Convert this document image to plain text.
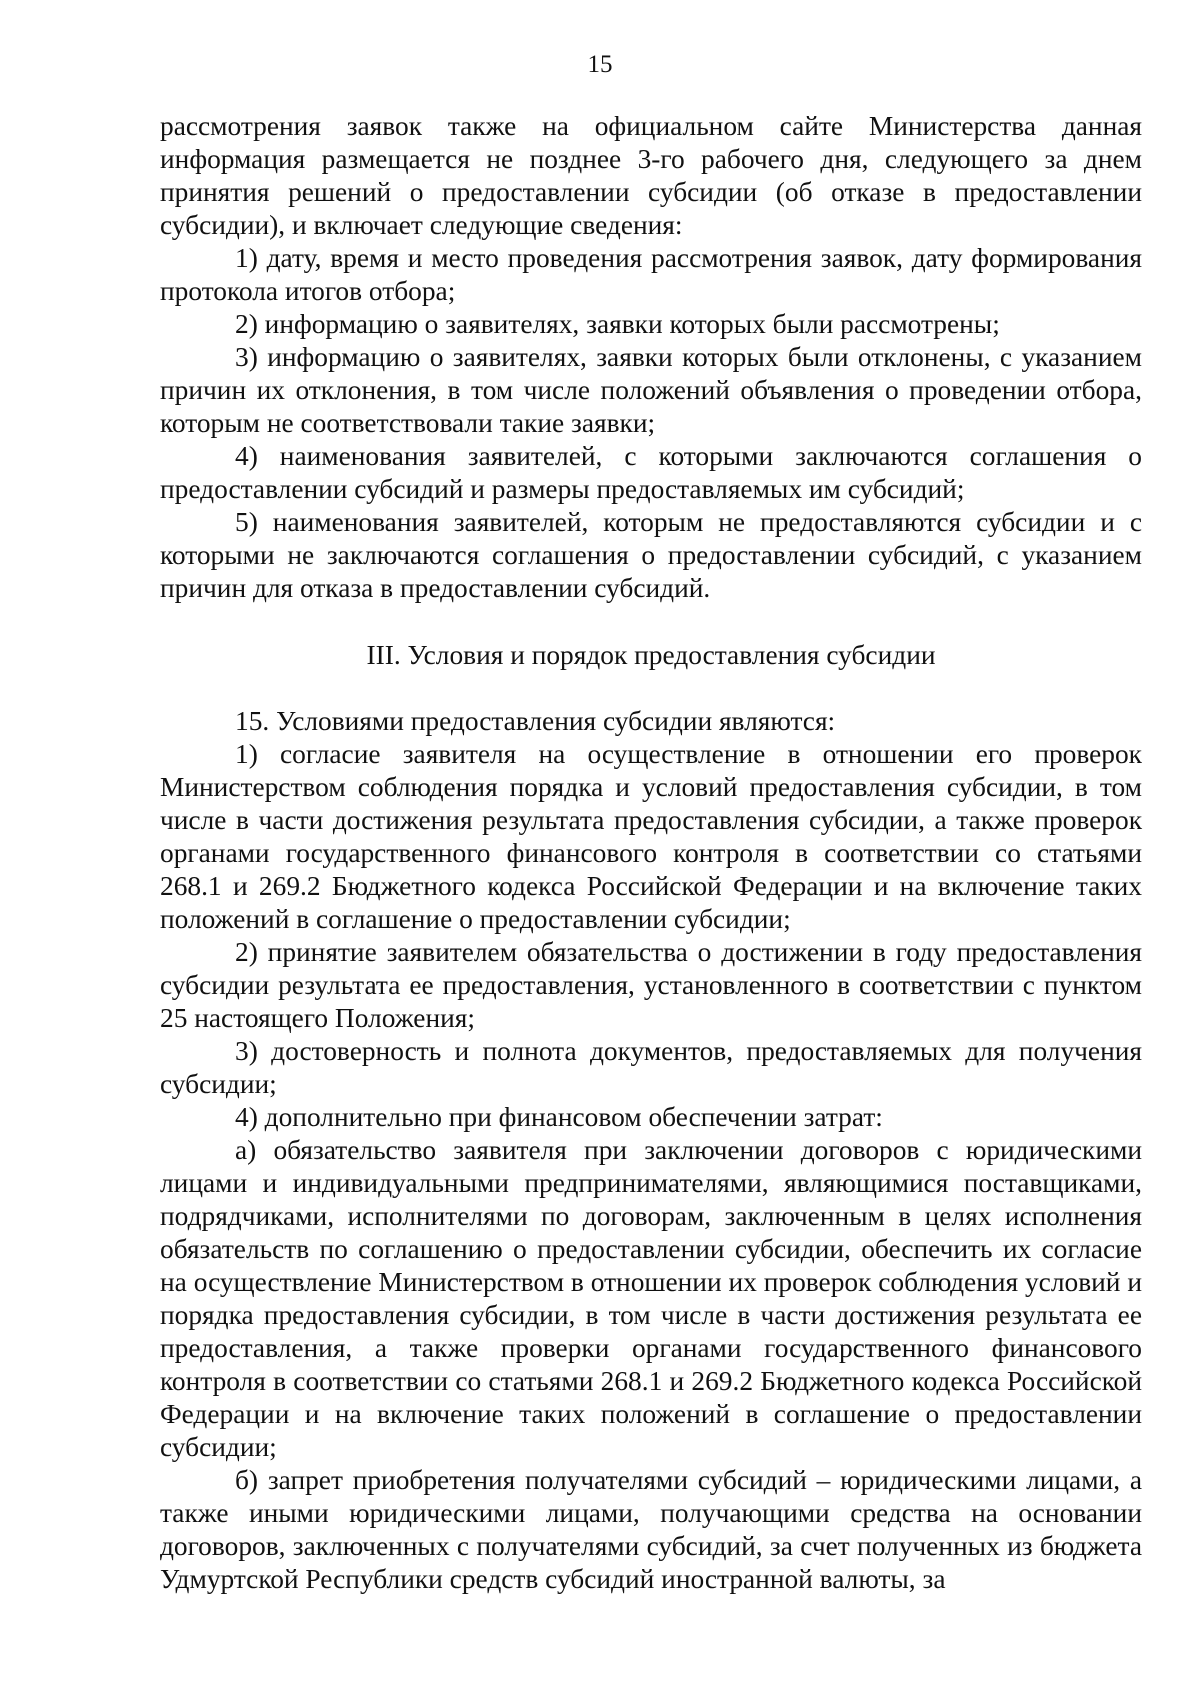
15

рассмотрения заявок также на официальном сайте Министерства данная информация размещается не позднее 3-го рабочего дня, следующего за днем принятия решений о предоставлении субсидии (об отказе в предоставлении субсидии), и включает следующие сведения:

1) дату, время и место проведения рассмотрения заявок, дату формирования протокола итогов отбора;

2) информацию о заявителях, заявки которых были рассмотрены;

3) информацию о заявителях, заявки которых были отклонены, с указанием причин их отклонения, в том числе положений объявления о проведении отбора, которым не соответствовали такие заявки;

4) наименования заявителей, с которыми заключаются соглашения о предоставлении субсидий и размеры предоставляемых им субсидий;

5) наименования заявителей, которым не предоставляются субсидии и с которыми не заключаются соглашения о предоставлении субсидий, с указанием причин для отказа в предоставлении субсидий.

III. Условия и порядок предоставления субсидии

15. Условиями предоставления субсидии являются:

1) согласие заявителя на осуществление в отношении его проверок Министерством соблюдения порядка и условий предоставления субсидии, в том числе в части достижения результата предоставления субсидии, а также проверок органами государственного финансового контроля в соответствии со статьями 268.1 и 269.2 Бюджетного кодекса Российской Федерации и на включение таких положений в соглашение о предоставлении субсидии;

2) принятие заявителем обязательства о достижении в году предоставления субсидии результата ее предоставления, установленного в соответствии с пунктом 25 настоящего Положения;

3) достоверность и полнота документов, предоставляемых для получения субсидии;

4) дополнительно при финансовом обеспечении затрат:

а) обязательство заявителя при заключении договоров с юридическими лицами и индивидуальными предпринимателями, являющимися поставщиками, подрядчиками, исполнителями по договорам, заключенным в целях исполнения обязательств по соглашению о предоставлении субсидии, обеспечить их согласие на осуществление Министерством в отношении их проверок соблюдения условий и порядка предоставления субсидии, в том числе в части достижения результата ее предоставления, а также проверки органами государственного финансового контроля в соответствии со статьями 268.1 и 269.2 Бюджетного кодекса Российской Федерации и на включение таких положений в соглашение о предоставлении субсидии;

б) запрет приобретения получателями субсидий – юридическими лицами, а также иными юридическими лицами, получающими средства на основании договоров, заключенных с получателями субсидий, за счет полученных из бюджета Удмуртской Республики средств субсидий иностранной валюты, за
